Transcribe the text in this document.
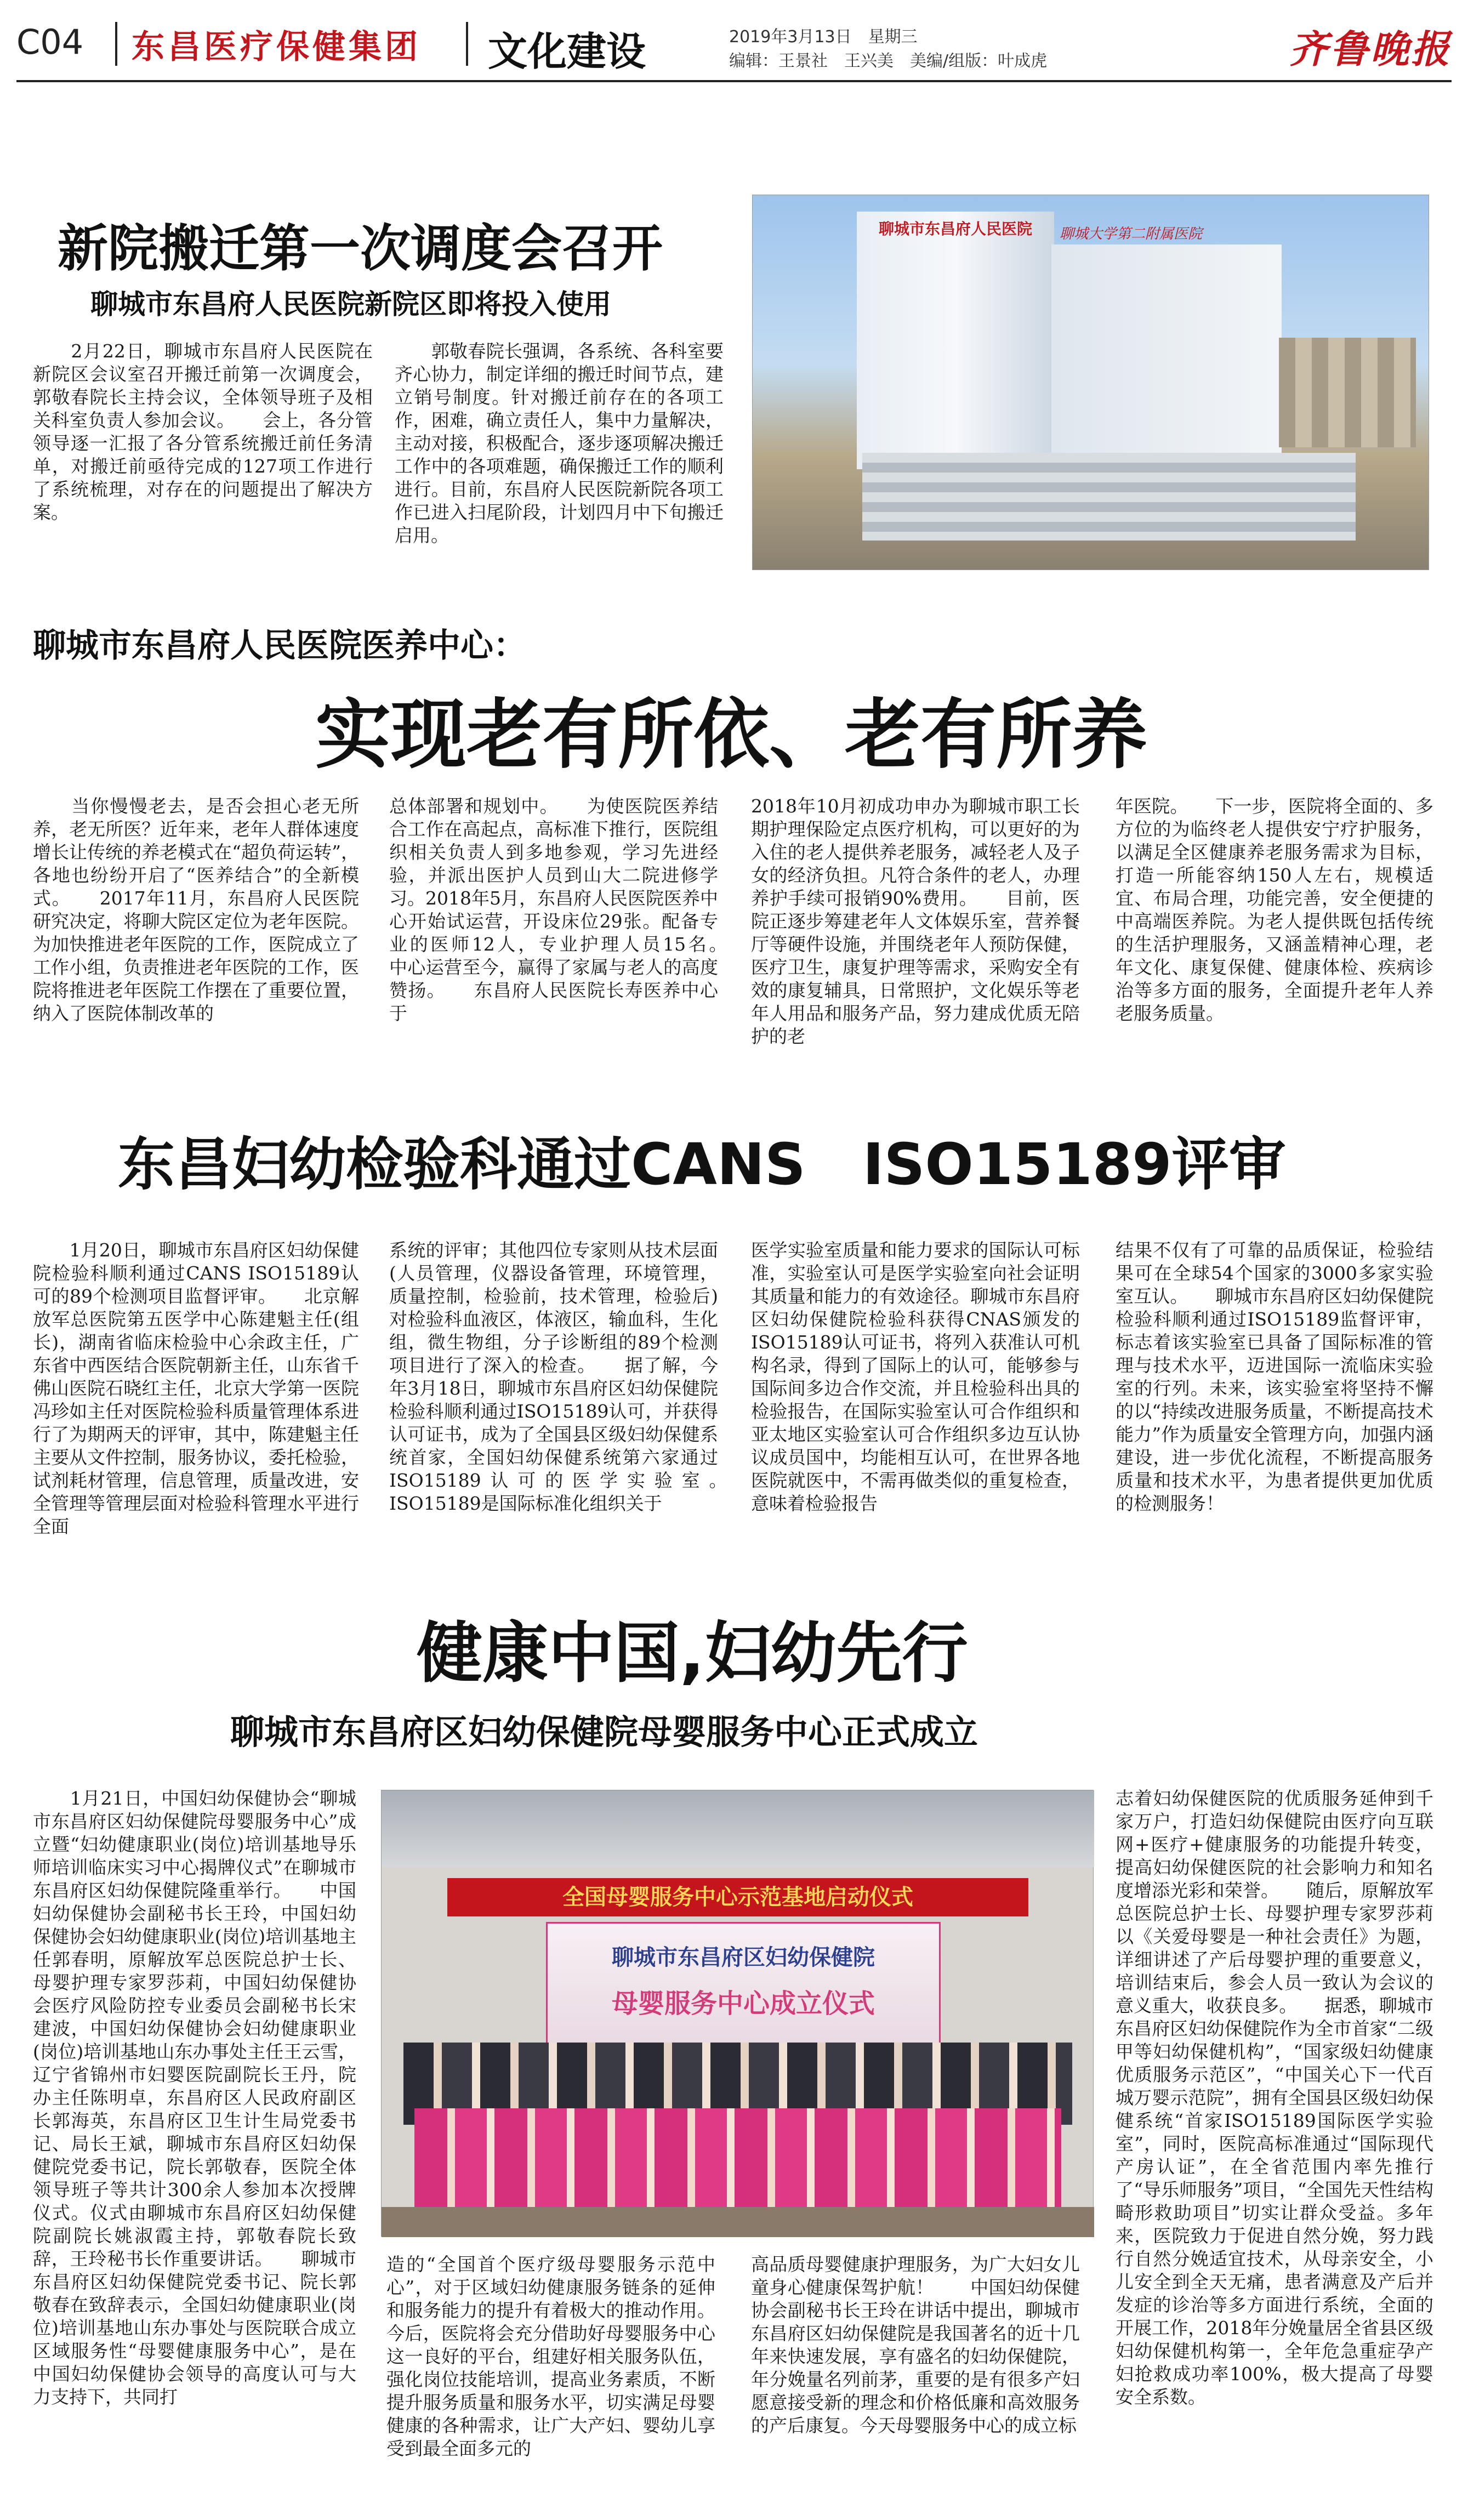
C04 东昌医疗保健集团 文化建设	2019年3月13日　星期三
编辑：王景社　王兴美　美编/组版：叶成虎	齐鲁晚报
新院搬迁第一次调度会召开
聊城市东昌府人民医院新院区即将投入使用
　　2月22日，聊城市东昌府人民医院在新院区会议室召开搬迁前第一次调度会，郭敬春院长主持会议，全体领导班子及相关科室负责人参加会议。　　会上，各分管领导逐一汇报了各分管系统搬迁前任务清单，对搬迁前亟待完成的127项工作进行了系统梳理，对存在的问题提出了解决方案。
　　郭敬春院长强调，各系统、各科室要齐心协力，制定详细的搬迁时间节点，建立销号制度。针对搬迁前存在的各项工作，困难，确立责任人，集中力量解决，主动对接，积极配合，逐步逐项解决搬迁工作中的各项难题，确保搬迁工作的顺利进行。目前，东昌府人民医院新院各项工作已进入扫尾阶段，计划四月中下旬搬迁启用。
聊城市东昌府人民医院 聊城大学第二附属医院
聊城市东昌府人民医院医养中心：
实现老有所依、老有所养
　　当你慢慢老去，是否会担心老无所养，老无所医？近年来，老年人群体速度增长让传统的养老模式在“超负荷运转”，各地也纷纷开启了“医养结合”的全新模式。　　2017年11月，东昌府人民医院研究决定，将聊大院区定位为老年医院。为加快推进老年医院的工作，医院成立了工作小组，负责推进老年医院的工作，医院将推进老年医院工作摆在了重要位置，纳入了医院体制改革的
总体部署和规划中。　　为使医院医养结合工作在高起点，高标准下推行，医院组织相关负责人到多地参观，学习先进经验，并派出医护人员到山大二院进修学习。2018年5月，东昌府人民医院医养中心开始试运营，开设床位29张。配备专业的医师12人，专业护理人员15名。　　中心运营至今，赢得了家属与老人的高度赞扬。　　东昌府人民医院长寿医养中心于
2018年10月初成功申办为聊城市职工长期护理保险定点医疗机构，可以更好的为入住的老人提供养老服务，减轻老人及子女的经济负担。凡符合条件的老人，办理养护手续可报销90%费用。　　目前，医院正逐步筹建老年人文体娱乐室，营养餐厅等硬件设施，并围绕老年人预防保健，医疗卫生，康复护理等需求，采购安全有效的康复辅具，日常照护，文化娱乐等老年人用品和服务产品，努力建成优质无陪护的老
年医院。　　下一步，医院将全面的、多方位的为临终老人提供安宁疗护服务，以满足全区健康养老服务需求为目标，打造一所能容纳150人左右，规模适宜、布局合理，功能完善，安全便捷的中高端医养院。为老人提供既包括传统的生活护理服务，又涵盖精神心理，老年文化、康复保健、健康体检、疾病诊治等多方面的服务，全面提升老年人养老服务质量。
东昌妇幼检验科通过CANS　ISO15189评审
　　1月20日，聊城市东昌府区妇幼保健院检验科顺利通过CANS ISO15189认可的89个检测项目监督评审。　　北京解放军总医院第五医学中心陈建魁主任(组长)，湖南省临床检验中心余政主任，广东省中西医结合医院朝新主任，山东省千佛山医院石晓红主任，北京大学第一医院冯珍如主任对医院检验科质量管理体系进行了为期两天的评审，其中，陈建魁主任主要从文件控制，服务协议，委托检验，试剂耗材管理，信息管理，质量改进，安全管理等管理层面对检验科管理水平进行全面
系统的评审；其他四位专家则从技术层面(人员管理，仪器设备管理，环境管理，质量控制，检验前，技术管理，检验后)对检验科血液区，体液区，输血科，生化组，微生物组，分子诊断组的89个检测项目进行了深入的检查。　　据了解，今年3月18日，聊城市东昌府区妇幼保健院检验科顺利通过ISO15189认可，并获得认可证书，成为了全国县区级妇幼保健系统首家，全国妇幼保健系统第六家通过ISO15189认可的医学实验室。　　ISO15189是国际标准化组织关于
医学实验室质量和能力要求的国际认可标准，实验室认可是医学实验室向社会证明其质量和能力的有效途径。聊城市东昌府区妇幼保健院检验科获得CNAS颁发的ISO15189认可证书，将列入获准认可机构名录，得到了国际上的认可，能够参与国际间多边合作交流，并且检验科出具的检验报告，在国际实验室认可合作组织和亚太地区实验室认可合作组织多边互认协议成员国中，均能相互认可，在世界各地医院就医中，不需再做类似的重复检查，意味着检验报告
结果不仅有了可靠的品质保证，检验结果可在全球54个国家的3000多家实验室互认。　　聊城市东昌府区妇幼保健院检验科顺利通过ISO15189监督评审，标志着该实验室已具备了国际标准的管理与技术水平，迈进国际一流临床实验室的行列。未来，该实验室将坚持不懈的以“持续改进服务质量，不断提高技术能力”作为质量安全管理方向，加强内涵建设，进一步优化流程，不断提高服务质量和技术水平，为患者提供更加优质的检测服务！
健康中国,妇幼先行
聊城市东昌府区妇幼保健院母婴服务中心正式成立
　　1月21日，中国妇幼保健协会“聊城市东昌府区妇幼保健院母婴服务中心”成立暨“妇幼健康职业(岗位)培训基地导乐师培训临床实习中心揭牌仪式”在聊城市东昌府区妇幼保健院隆重举行。　　中国妇幼保健协会副秘书长王玲，中国妇幼保健协会妇幼健康职业(岗位)培训基地主任郭春明，原解放军总医院总护士长、母婴护理专家罗莎莉，中国妇幼保健协会医疗风险防控专业委员会副秘书长宋建波，中国妇幼保健协会妇幼健康职业(岗位)培训基地山东办事处主任王云雪，辽宁省锦州市妇婴医院副院长王丹，院办主任陈明卓，东昌府区人民政府副区长郭海英，东昌府区卫生计生局党委书记、局长王斌，聊城市东昌府区妇幼保健院党委书记，院长郭敬春，医院全体领导班子等共计300余人参加本次授牌仪式。仪式由聊城市东昌府区妇幼保健院副院长姚淑霞主持，郭敬春院长致辞，王玲秘书长作重要讲话。　　聊城市东昌府区妇幼保健院党委书记、院长郭敬春在致辞表示，全国妇幼健康职业(岗位)培训基地山东办事处与医院联合成立区域服务性“母婴健康服务中心”，是在中国妇幼保健协会领导的高度认可与大力支持下，共同打
全国母婴服务中心示范基地启动仪式
聊城市东昌府区妇幼保健院
母婴服务中心成立仪式
造的“全国首个医疗级母婴服务示范中心”，对于区域妇幼健康服务链条的延伸和服务能力的提升有着极大的推动作用。今后，医院将会充分借助好母婴服务中心这一良好的平台，组建好相关服务队伍，强化岗位技能培训，提高业务素质，不断提升服务质量和服务水平，切实满足母婴健康的各种需求，让广大产妇、婴幼儿享受到最全面多元的
高品质母婴健康护理服务，为广大妇女儿童身心健康保驾护航！　　中国妇幼保健协会副秘书长王玲在讲话中提出，聊城市东昌府区妇幼保健院是我国著名的近十几年来快速发展，享有盛名的妇幼保健院，年分娩量名列前茅，重要的是有很多产妇愿意接受新的理念和价格低廉和高效服务的产后康复。今天母婴服务中心的成立标
志着妇幼保健医院的优质服务延伸到千家万户，打造妇幼保健院由医疗向互联网+医疗+健康服务的功能提升转变，提高妇幼保健医院的社会影响力和知名度增添光彩和荣誉。　　随后，原解放军总医院总护士长、母婴护理专家罗莎莉以《关爱母婴是一种社会责任》为题，详细讲述了产后母婴护理的重要意义，培训结束后，参会人员一致认为会议的意义重大，收获良多。　　据悉，聊城市东昌府区妇幼保健院作为全市首家“二级甲等妇幼保健机构”，“国家级妇幼健康优质服务示范区”，“中国关心下一代百城万婴示范院”，拥有全国县区级妇幼保健系统“首家ISO15189国际医学实验室”，同时，医院高标准通过“国际现代产房认证”，在全省范围内率先推行了“导乐师服务”项目，“全国先天性结构畸形救助项目”切实让群众受益。多年来，医院致力于促进自然分娩，努力践行自然分娩适宜技术，从母亲安全，小儿安全到全天无痛，患者满意及产后并发症的诊治等多方面进行系统，全面的开展工作，2018年分娩量居全省县区级妇幼保健机构第一，全年危急重症孕产妇抢救成功率100%，极大提高了母婴安全系数。
